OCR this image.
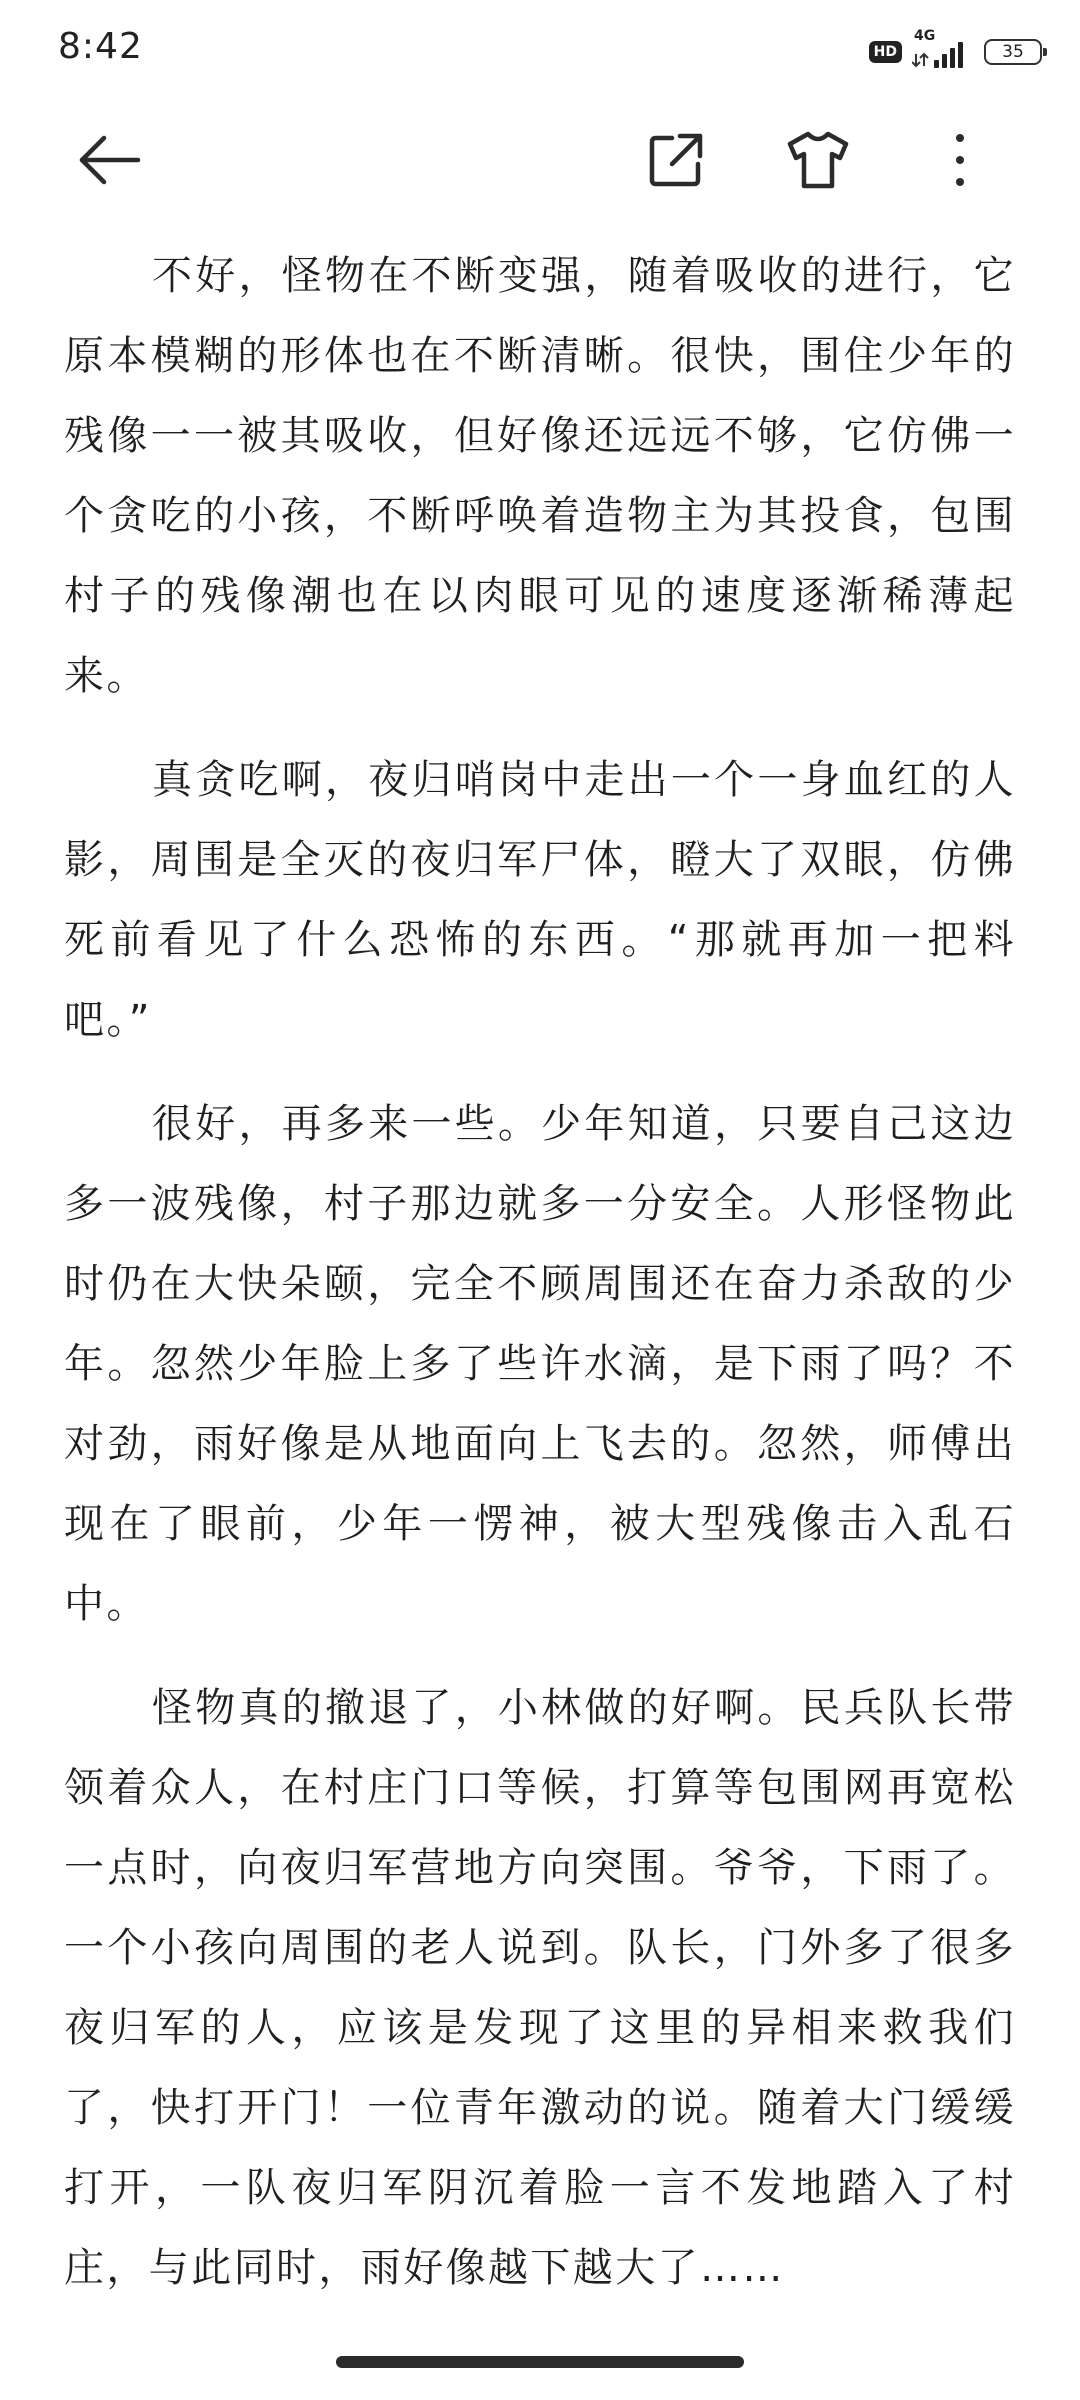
8:42	HD
4G
35

不好，怪物在不断变强，随着吸收的进行，它原本模糊的形体也在不断清晰。很快，围住少年的残像一一被其吸收，但好像还远远不够，它仿佛一个贪吃的小孩，不断呼唤着造物主为其投食，包围村子的残像潮也在以肉眼可见的速度逐渐稀薄起来。

真贪吃啊，夜归哨岗中走出一个一身血红的人影，周围是全灭的夜归军尸体，瞪大了双眼，仿佛死前看见了什么恐怖的东西。“那就再加一把料吧。”

很好，再多来一些。少年知道，只要自己这边多一波残像，村子那边就多一分安全。人形怪物此时仍在大快朵颐，完全不顾周围还在奋力杀敌的少年。忽然少年脸上多了些许水滴，是下雨了吗？不对劲，雨好像是从地面向上飞去的。忽然，师傅出现在了眼前，少年一愣神，被大型残像击入乱石中。

怪物真的撤退了，小林做的好啊。民兵队长带领着众人，在村庄门口等候，打算等包围网再宽松一点时，向夜归军营地方向突围。爷爷，下雨了。一个小孩向周围的老人说到。队长，门外多了很多夜归军的人，应该是发现了这里的异相来救我们了，快打开门！一位青年激动的说。随着大门缓缓打开，一队夜归军阴沉着脸一言不发地踏入了村庄，与此同时，雨好像越下越大了……
